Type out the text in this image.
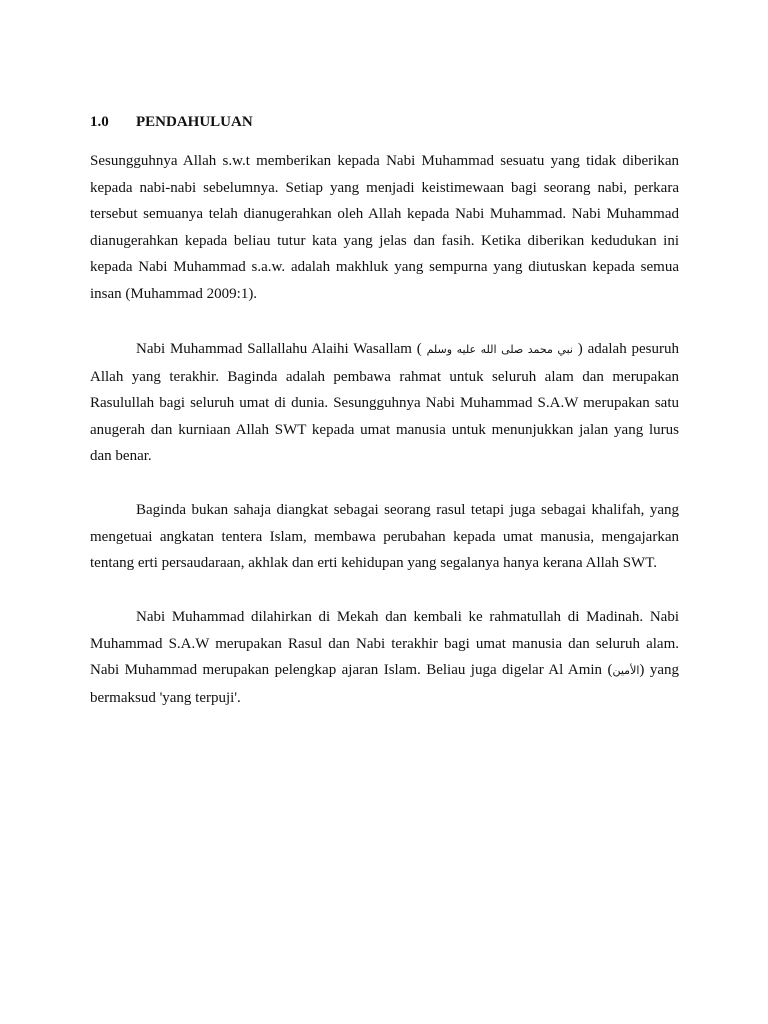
1.0 PENDAHULUAN

Sesungguhnya Allah s.w.t memberikan kepada Nabi Muhammad sesuatu yang tidak diberikan kepada nabi-nabi sebelumnya. Setiap yang menjadi keistimewaan bagi seorang nabi, perkara tersebut semuanya telah dianugerahkan oleh Allah kepada Nabi Muhammad. Nabi Muhammad dianugerahkan kepada beliau tutur kata yang jelas dan fasih. Ketika diberikan kedudukan ini kepada Nabi Muhammad s.a.w. adalah makhluk yang sempurna yang diutuskan kepada semua insan (Muhammad 2009:1).

Nabi Muhammad Sallallahu Alaihi Wasallam ( نبي محمد صلى الله عليه وسلم ) adalah pesuruh Allah yang terakhir. Baginda adalah pembawa rahmat untuk seluruh alam dan merupakan Rasulullah bagi seluruh umat di dunia. Sesungguhnya Nabi Muhammad S.A.W merupakan satu anugerah dan kurniaan Allah SWT kepada umat manusia untuk menunjukkan jalan yang lurus dan benar.

Baginda bukan sahaja diangkat sebagai seorang rasul tetapi juga sebagai khalifah, yang mengetuai angkatan tentera Islam, membawa perubahan kepada umat manusia, mengajarkan tentang erti persaudaraan, akhlak dan erti kehidupan yang segalanya hanya kerana Allah SWT.

Nabi Muhammad dilahirkan di Mekah dan kembali ke rahmatullah di Madinah. Nabi Muhammad S.A.W merupakan Rasul dan Nabi terakhir bagi umat manusia dan seluruh alam. Nabi Muhammad merupakan pelengkap ajaran Islam. Beliau juga digelar Al Amin (الأمين) yang bermaksud 'yang terpuji'.
